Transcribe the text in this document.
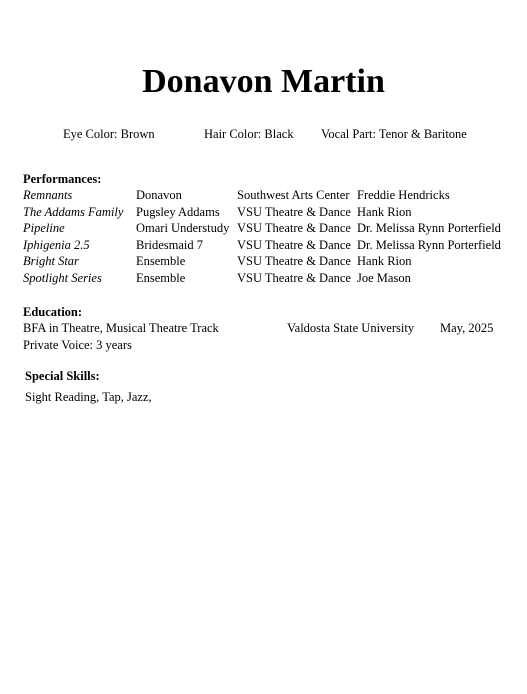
Donavon Martin
Eye Color: Brown	Hair Color: Black Vocal Part: Tenor & Baritone
Performances:
Remnants	Donavon	Southwest Arts Center	Freddie Hendricks
The Addams Family	Pugsley Addams	VSU Theatre & Dance	Hank Rion
Pipeline	Omari Understudy	VSU Theatre & Dance	Dr. Melissa Rynn Porterfield
Iphigenia 2.5	Bridesmaid 7	VSU Theatre & Dance	Dr. Melissa Rynn Porterfield
Bright Star	Ensemble	VSU Theatre & Dance	Hank Rion
Spotlight Series	Ensemble	VSU Theatre & Dance	Joe Mason
Education:
BFA in Theatre, Musical Theatre Track	Valdosta State University May, 2025
Private Voice: 3 years
Special Skills:
Sight Reading, Tap, Jazz,
